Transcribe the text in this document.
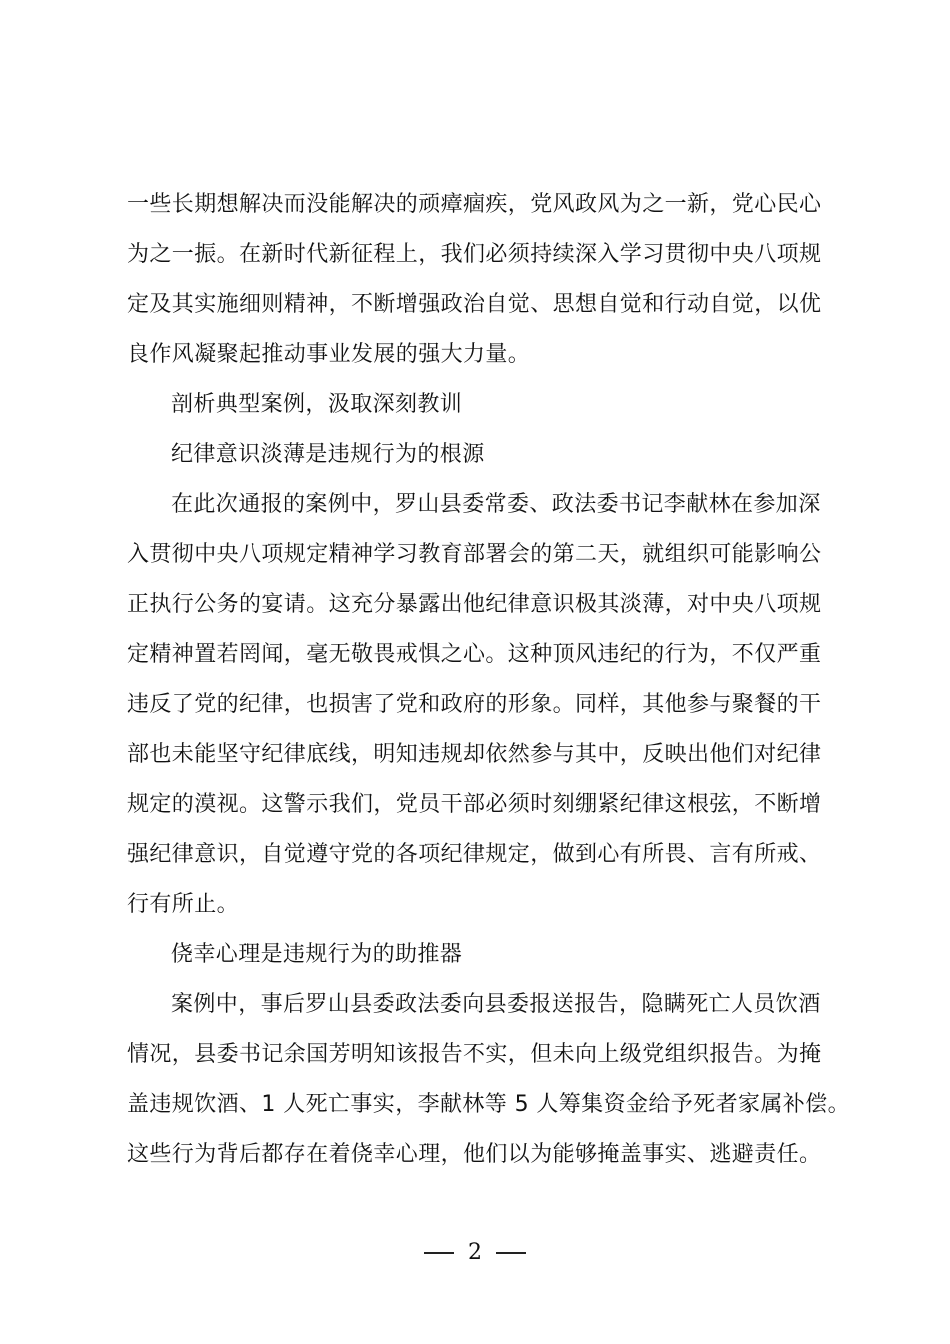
一些长期想解决而没能解决的顽瘴痼疾，党风政风为之一新，党心民心
为之一振。在新时代新征程上，我们必须持续深入学习贯彻中央八项规
定及其实施细则精神，不断增强政治自觉、思想自觉和行动自觉，以优
良作风凝聚起推动事业发展的强大力量。
剖析典型案例，汲取深刻教训
纪律意识淡薄是违规行为的根源
在此次通报的案例中，罗山县委常委、政法委书记李献林在参加深
入贯彻中央八项规定精神学习教育部署会的第二天，就组织可能影响公
正执行公务的宴请。这充分暴露出他纪律意识极其淡薄，对中央八项规
定精神置若罔闻，毫无敬畏戒惧之心。这种顶风违纪的行为，不仅严重
违反了党的纪律，也损害了党和政府的形象。同样，其他参与聚餐的干
部也未能坚守纪律底线，明知违规却依然参与其中，反映出他们对纪律
规定的漠视。这警示我们，党员干部必须时刻绷紧纪律这根弦，不断增
强纪律意识，自觉遵守党的各项纪律规定，做到心有所畏、言有所戒、
行有所止。
侥幸心理是违规行为的助推器
案例中，事后罗山县委政法委向县委报送报告，隐瞒死亡人员饮酒
情况，县委书记余国芳明知该报告不实，但未向上级党组织报告。为掩
盖违规饮酒、1 人死亡事实，李献林等 5 人筹集资金给予死者家属补偿。
这些行为背后都存在着侥幸心理，他们以为能够掩盖事实、逃避责任。
2
